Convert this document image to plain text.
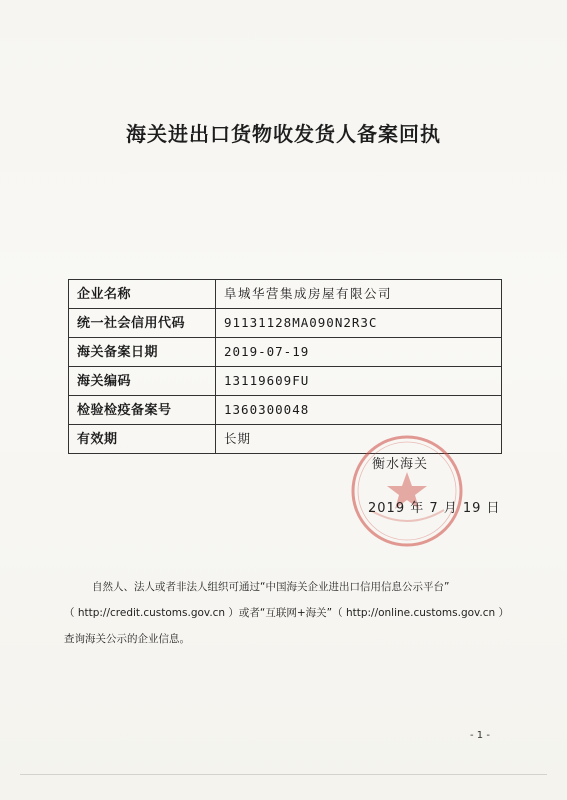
海关进出口货物收发货人备案回执
企业名称	阜城华营集成房屋有限公司
统一社会信用代码	91131128MA090N2R3C
海关备案日期	2019-07-19
海关编码	13119609FU
检验检疫备案号	1360300048
有效期	长期
衡水海关
2019 年 7 月 19 日

自然人、法人或者非法人组织可通过“中国海关企业进出口信用信息公示平台”

（ http://credit.customs.gov.cn ）或者“互联网+海关”（ http://online.customs.gov.cn ）

查询海关公示的企业信息。

- 1 -
